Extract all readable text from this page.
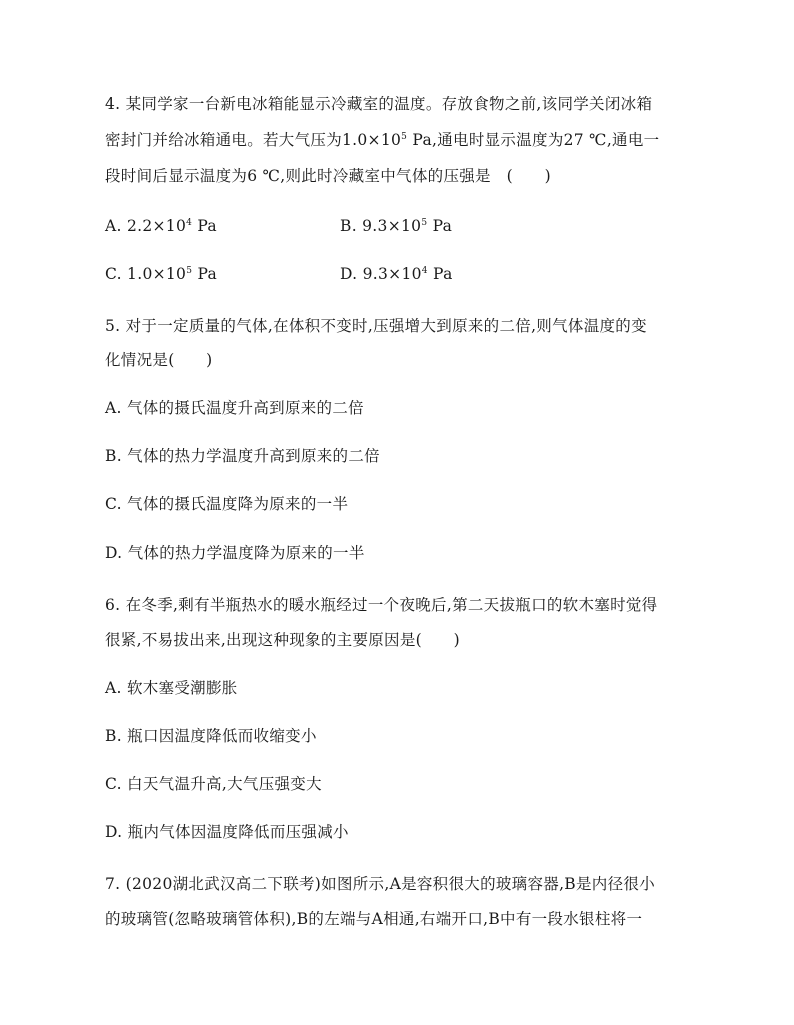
4. 某同学家一台新电冰箱能显示冷藏室的温度。存放食物之前,该同学关闭冰箱
密封门并给冰箱通电。若大气压为$1.0\times 10^5$ Pa,通电时显示温度为27 ℃,通电一
段时间后显示温度为6 ℃,则此时冷藏室中气体的压强是　(　　)
A. $2.2\times 10^4$ Pa	B. $9.3\times 10^5$ Pa
C. $1.0\times 10^5$ Pa	D. $9.3\times 10^4$ Pa
5. 对于一定质量的气体,在体积不变时,压强增大到原来的二倍,则气体温度的变
化情况是(　　)
A. 气体的摄氏温度升高到原来的二倍
B. 气体的热力学温度升高到原来的二倍
C. 气体的摄氏温度降为原来的一半
D. 气体的热力学温度降为原来的一半
6. 在冬季,剩有半瓶热水的暖水瓶经过一个夜晚后,第二天拔瓶口的软木塞时觉得
很紧,不易拔出来,出现这种现象的主要原因是(　　)
A. 软木塞受潮膨胀
B. 瓶口因温度降低而收缩变小
C. 白天气温升高,大气压强变大
D. 瓶内气体因温度降低而压强减小
7. (2020湖北武汉高二下联考)如图所示,A是容积很大的玻璃容器,B是内径很小
的玻璃管(忽略玻璃管体积),B的左端与A相通,右端开口,B中有一段水银柱将一
